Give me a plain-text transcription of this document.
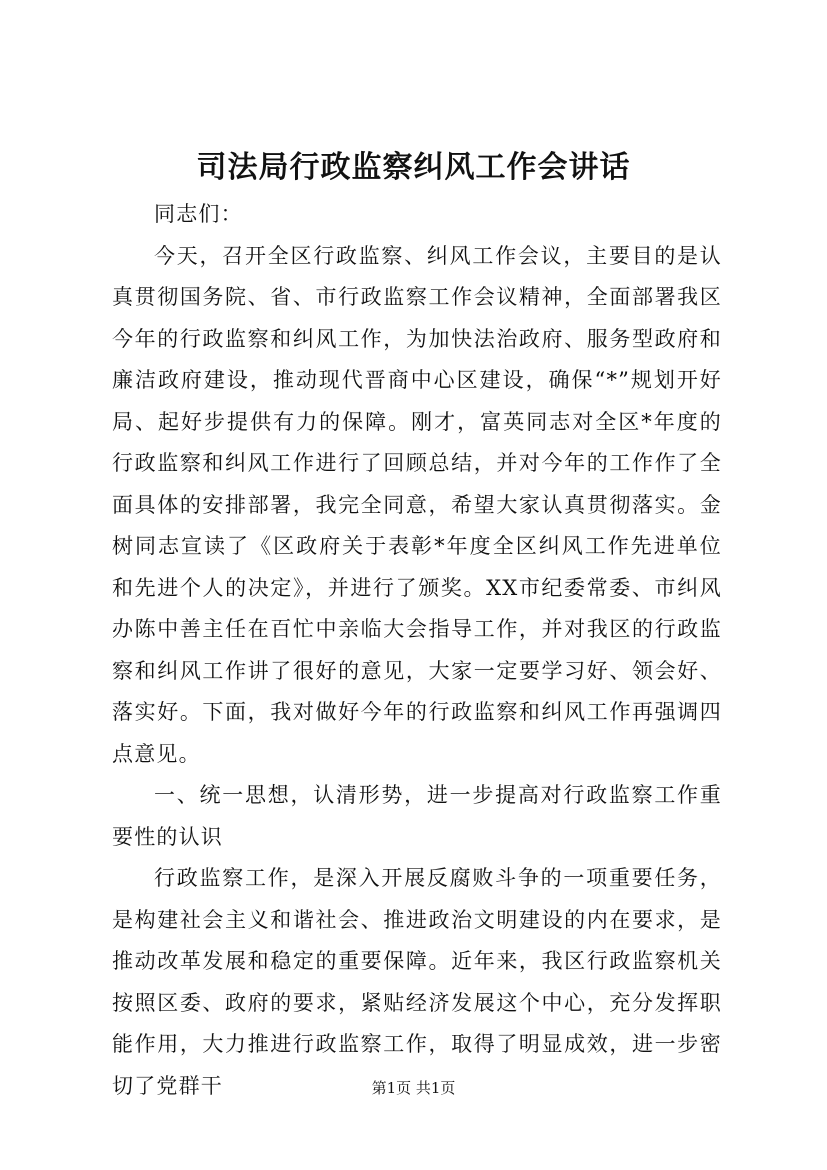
司法局行政监察纠风工作会讲话

同志们：

今天，召开全区行政监察、纠风工作会议，主要目的是认真贯彻国务院、省、市行政监察工作会议精神，全面部署我区今年的行政监察和纠风工作，为加快法治政府、服务型政府和廉洁政府建设，推动现代晋商中心区建设，确保“*”规划开好局、起好步提供有力的保障。刚才，富英同志对全区*年度的行政监察和纠风工作进行了回顾总结，并对今年的工作作了全面具体的安排部署，我完全同意，希望大家认真贯彻落实。金树同志宣读了《区政府关于表彰*年度全区纠风工作先进单位和先进个人的决定》，并进行了颁奖。XX市纪委常委、市纠风办陈中善主任在百忙中亲临大会指导工作，并对我区的行政监察和纠风工作讲了很好的意见，大家一定要学习好、领会好、落实好。下面，我对做好今年的行政监察和纠风工作再强调四点意见。

一、统一思想，认清形势，进一步提高对行政监察工作重要性的认识

行政监察工作，是深入开展反腐败斗争的一项重要任务，是构建社会主义和谐社会、推进政治文明建设的内在要求，是推动改革发展和稳定的重要保障。近年来，我区行政监察机关按照区委、政府的要求，紧贴经济发展这个中心，充分发挥职能作用，大力推进行政监察工作，取得了明显成效，进一步密切了党群干	第1页 共1页
